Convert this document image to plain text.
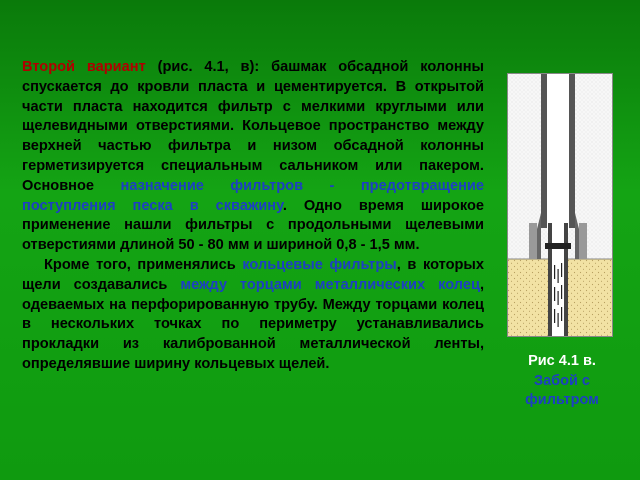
Второй вариант (рис. 4.1, в): башмак обсадной колонны спускается до кровли пласта и цементируется. В открытой части пласта находится фильтр с мелкими круглыми или щелевидными отверстиями. Кольцевое пространство между верхней частью фильтра и низом обсадной колонны герметизируется специальным сальником или пакером. Основное назначение фильтров - предотвращение поступления песка в скважину. Одно время широкое применение нашли фильтры с продольными щелевыми отверстиями длиной 50 - 80 мм и шириной 0,8 - 1,5 мм.

Кроме того, применялись кольцевые фильтры, в которых щели создавались между торцами металлических колец, одеваемых на перфорированную трубу. Между торцами колец в нескольких точках по периметру устанавливались прокладки из калиброванной металлической ленты, определявшие ширину кольцевых щелей.	Рис 4.1 в.
Забой с фильтром
